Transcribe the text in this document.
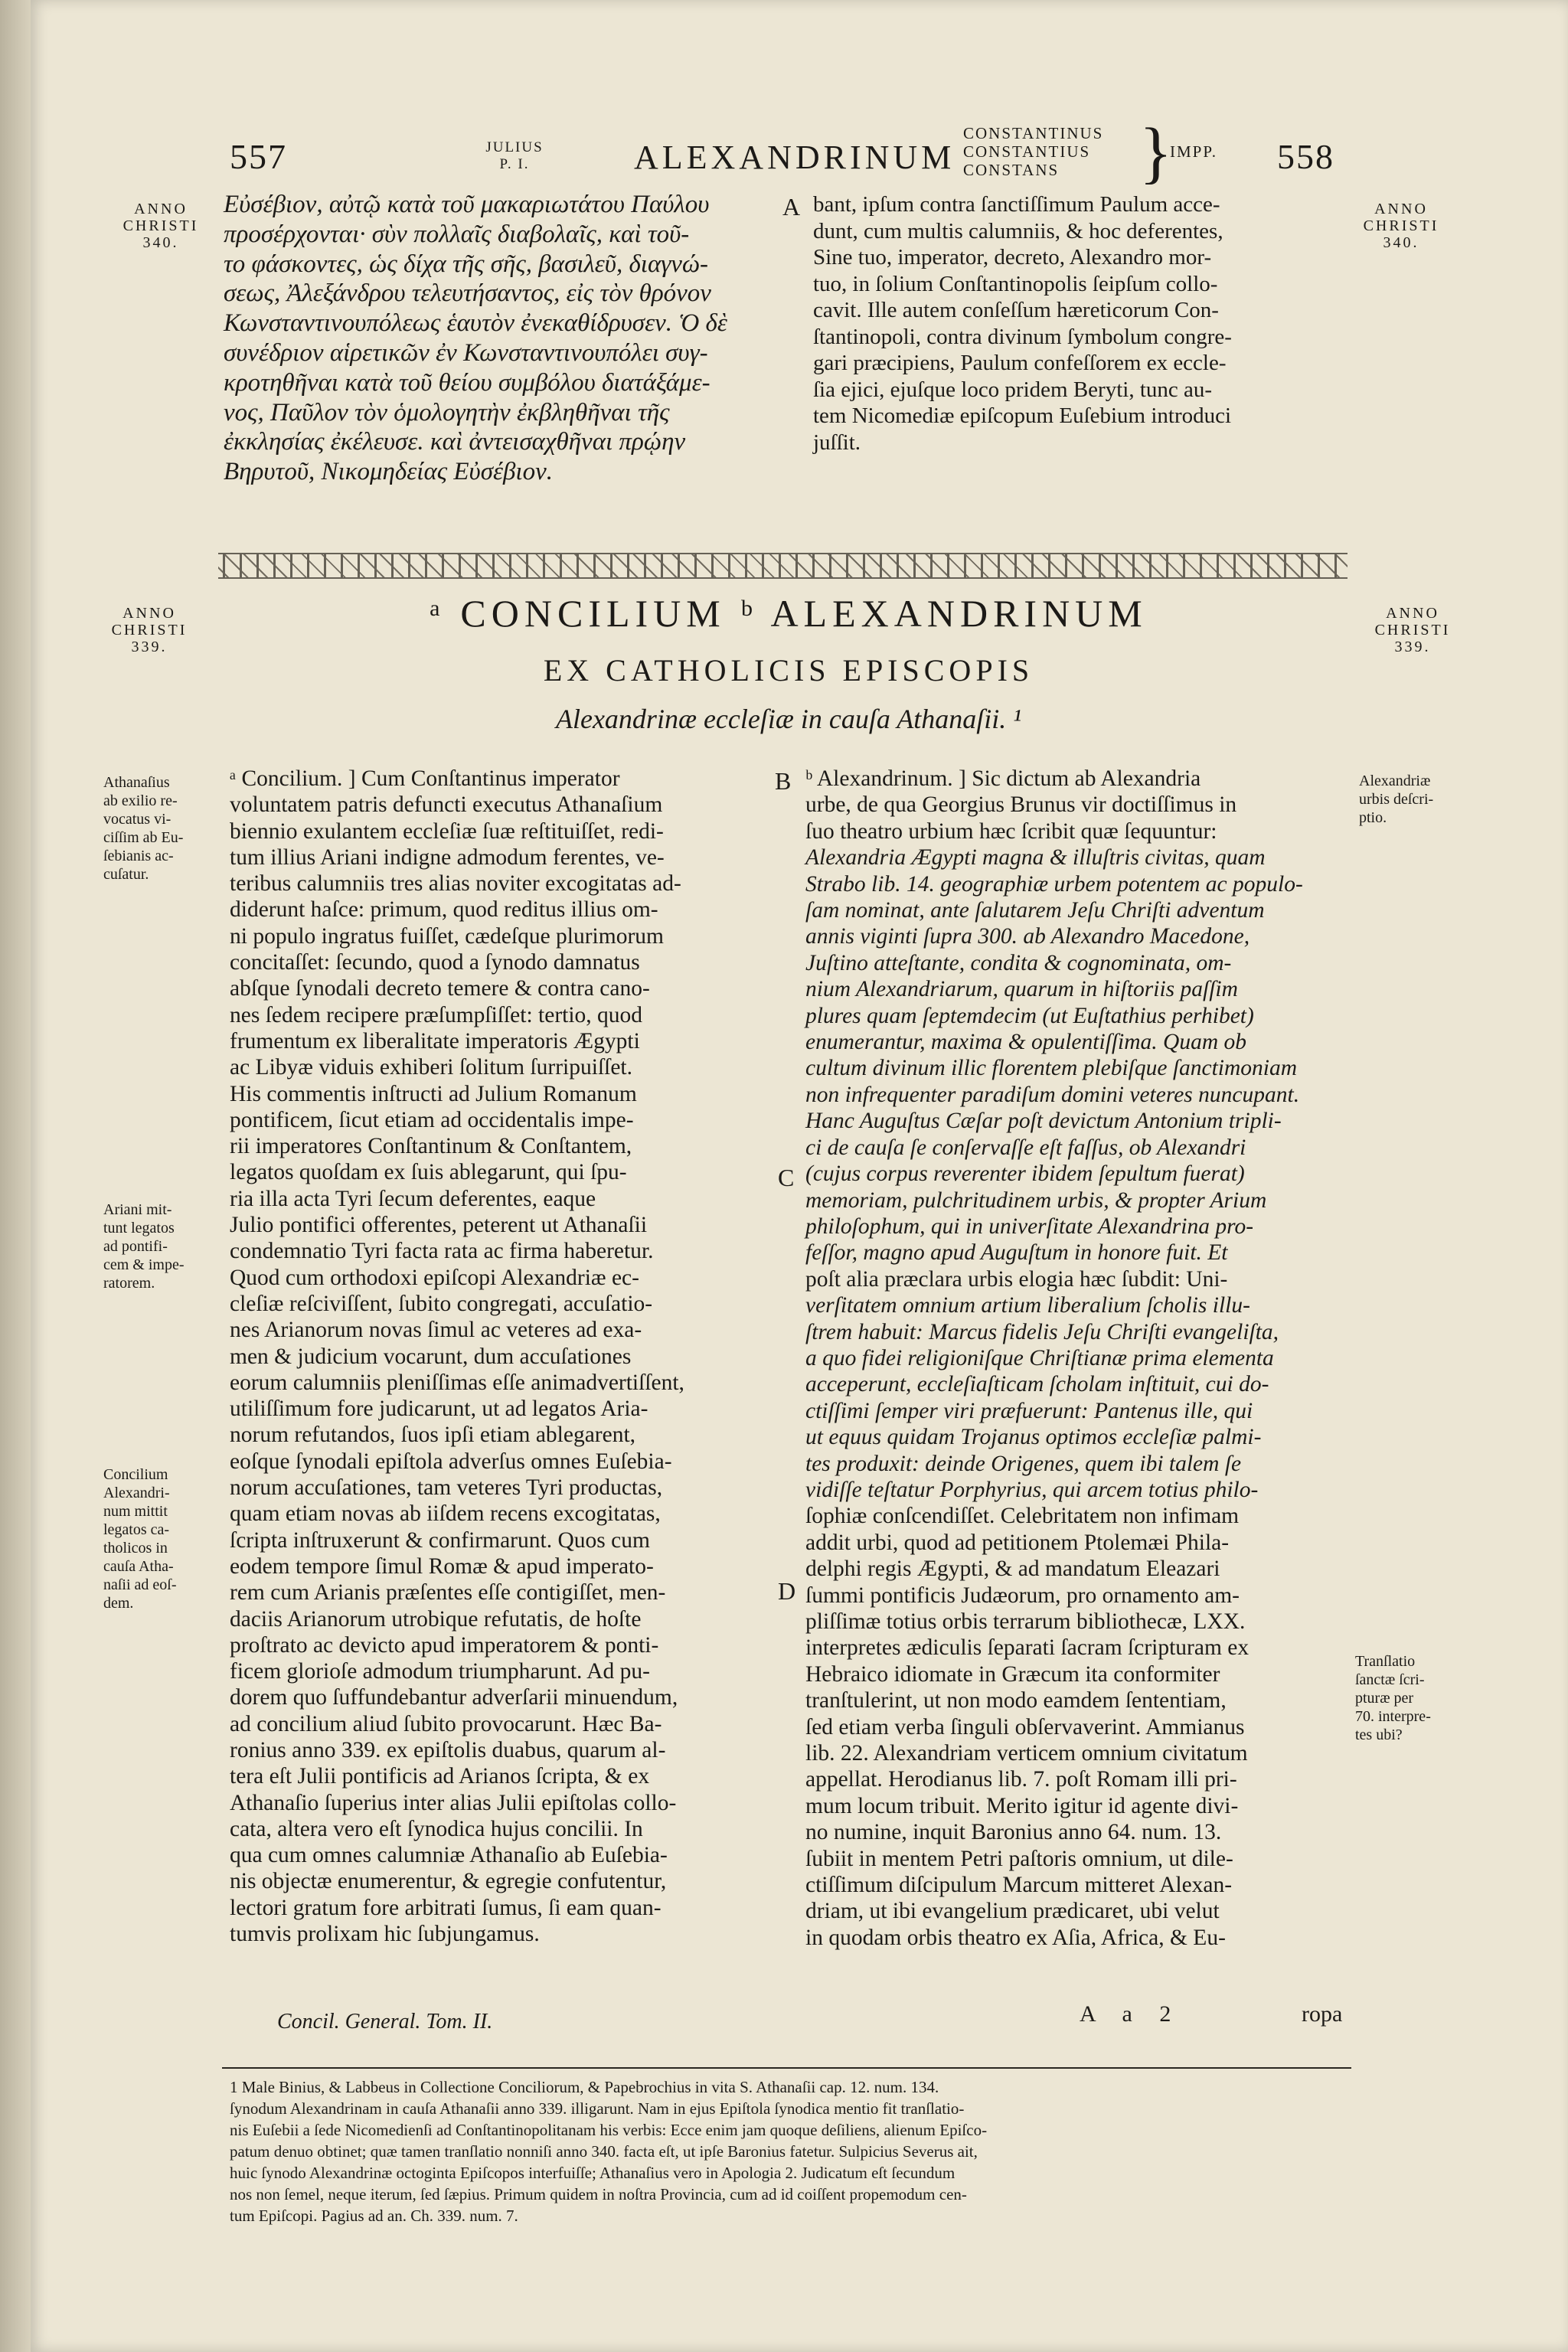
557	JULIUS
P. I.	ALEXANDRINUM
CONSTANTINUS
CONSTANTIUS
CONSTANS	}
IMPP. 558
ANNO
CHRISTI
340.
ANNO
CHRISTI
340.
Εὐσέβιον, αὐτῷ κατὰ τοῦ μακαριωτάτου Παύλου
προσέρχονται· σὺν πολλαῖς διαβολαῖς, καὶ τοῦ-
το φάσκοντες, ὡς δίχα τῆς σῆς, βασιλεῦ, διαγνώ-
σεως, Ἀλεξάνδρου τελευτήσαντος, εἰς τὸν θρόνον
Κωνσταντινουπόλεως ἑαυτὸν ἐνεκαθίδρυσεν. Ὁ δὲ
συνέδριον αἱρετικῶν ἐν Κωνσταντινουπόλει συγ-
κροτηθῆναι κατὰ τοῦ θείου συμβόλου διατάξάμε-
νος, Παῦλον τὸν ὁμολογητὴν ἐκβληθῆναι τῆς
ἐκκλησίας ἐκέλευσε. καὶ ἀντεισαχθῆναι πρῴην
Βηρυτοῦ, Νικομηδείας Εὐσέβιον.
A bant, ipſum contra ſanctiſſimum Paulum acce-
dunt, cum multis calumniis, & hoc deferentes,
Sine tuo, imperator, decreto, Alexandro mor-
tuo, in ſolium Conſtantinopolis ſeipſum collo-
cavit. Ille autem conſeſſum hæreticorum Con-
ſtantinopoli, contra divinum ſymbolum congre-
gari præcipiens, Paulum confeſſorem ex eccle-
ſia ejici, ejuſque loco pridem Beryti, tunc au-
tem Nicomediæ epiſcopum Euſebium introduci
juſſit.
ANNO
CHRISTI
339.
ANNO
CHRISTI
339.
ᵃ CONCILIUM ᵇ ALEXANDRINUM
EX CATHOLICIS EPISCOPIS
Alexandrinæ eccleſiæ in cauſa Athanaſii. ¹
Athanaſius
ab exilio re-
vocatus vi-
ciſſim ab Eu-
ſebianis ac-
cuſatur.
Ariani mit-
tunt legatos
ad pontifi-
cem & impe-
ratorem.
Concilium
Alexandri-
num mittit
legatos ca-
tholicos in
cauſa Atha-
naſii ad eoſ-
dem.
Alexandriæ
urbis deſcri-
ptio.
Tranſlatio
ſanctæ ſcri-
pturæ per
70. interpre-
tes ubi?
B
C
D
ᵃ Concilium. ] Cum Conſtantinus imperator
voluntatem patris defuncti executus Athanaſium
biennio exulantem eccleſiæ ſuæ reſtituiſſet, redi-
tum illius Ariani indigne admodum ferentes, ve-
teribus calumniis tres alias noviter excogitatas ad-
diderunt haſce: primum, quod reditus illius om-
ni populo ingratus fuiſſet, cædeſque plurimorum
concitaſſet: ſecundo, quod a ſynodo damnatus
abſque ſynodali decreto temere & contra cano-
nes ſedem recipere præſumpſiſſet: tertio, quod
frumentum ex liberalitate imperatoris Ægypti
ac Libyæ viduis exhiberi ſolitum ſurripuiſſet.
His commentis inſtructi ad Julium Romanum
pontificem, ſicut etiam ad occidentalis impe-
rii imperatores Conſtantinum & Conſtantem,
legatos quoſdam ex ſuis ablegarunt, qui ſpu-
ria illa acta Tyri ſecum deferentes, eaque
Julio pontifici offerentes, peterent ut Athanaſii
condemnatio Tyri facta rata ac firma haberetur.
Quod cum orthodoxi epiſcopi Alexandriæ ec-
cleſiæ reſciviſſent, ſubito congregati, accuſatio-
nes Arianorum novas ſimul ac veteres ad exa-
men & judicium vocarunt, dum accuſationes
eorum calumniis pleniſſimas eſſe animadvertiſſent,
utiliſſimum fore judicarunt, ut ad legatos Aria-
norum refutandos, ſuos ipſi etiam ablegarent,
eoſque ſynodali epiſtola adverſus omnes Euſebia-
norum accuſationes, tam veteres Tyri productas,
quam etiam novas ab iiſdem recens excogitatas,
ſcripta inſtruxerunt & confirmarunt. Quos cum
eodem tempore ſimul Romæ & apud imperato-
rem cum Arianis præſentes eſſe contigiſſet, men-
daciis Arianorum utrobique refutatis, de hoſte
proſtrato ac devicto apud imperatorem & ponti-
ficem glorioſe admodum triumpharunt. Ad pu-
dorem quo ſuffundebantur adverſarii minuendum,
ad concilium aliud ſubito provocarunt. Hæc Ba-
ronius anno 339. ex epiſtolis duabus, quarum al-
tera eſt Julii pontificis ad Arianos ſcripta, & ex
Athanaſio ſuperius inter alias Julii epiſtolas collo-
cata, altera vero eſt ſynodica hujus concilii. In
qua cum omnes calumniæ Athanaſio ab Euſebia-
nis objectæ enumerentur, & egregie confutentur,
lectori gratum fore arbitrati ſumus, ſi eam quan-
tumvis prolixam hic ſubjungamus.
Concil. General. Tom. II.
ᵇ Alexandrinum. ] Sic dictum ab Alexandria
urbe, de qua Georgius Brunus vir doctiſſimus in
ſuo theatro urbium hæc ſcribit quæ ſequuntur:
Alexandria Ægypti magna & illuſtris civitas, quam
Strabo lib. 14. geographiæ urbem potentem ac populo-
ſam nominat, ante ſalutarem Jeſu Chriſti adventum
annis viginti ſupra 300. ab Alexandro Macedone,
Juſtino atteſtante, condita & cognominata, om-
nium Alexandriarum, quarum in hiſtoriis paſſim
plures quam ſeptemdecim (ut Euſtathius perhibet)
enumerantur, maxima & opulentiſſima. Quam ob
cultum divinum illic florentem plebiſque ſanctimoniam
non infrequenter paradiſum domini veteres nuncupant.
Hanc Auguſtus Cæſar poſt devictum Antonium tripli-
ci de cauſa ſe conſervaſſe eſt faſſus, ob Alexandri
(cujus corpus reverenter ibidem ſepultum fuerat)
memoriam, pulchritudinem urbis, & propter Arium
philoſophum, qui in univerſitate Alexandrina pro-
feſſor, magno apud Auguſtum in honore fuit. Et
poſt alia præclara urbis elogia hæc ſubdit: Uni-
verſitatem omnium artium liberalium ſcholis illu-
ſtrem habuit: Marcus fidelis Jeſu Chriſti evangeliſta,
a quo fidei religioniſque Chriſtianæ prima elementa
acceperunt, eccleſiaſticam ſcholam inſtituit, cui do-
ctiſſimi ſemper viri præfuerunt: Pantenus ille, qui
ut equus quidam Trojanus optimos eccleſiæ palmi-
tes produxit: deinde Origenes, quem ibi talem ſe
vidiſſe teſtatur Porphyrius, qui arcem totius philo-
ſophiæ conſcendiſſet. Celebritatem non infimam
addit urbi, quod ad petitionem Ptolemæi Phila-
delphi regis Ægypti, & ad mandatum Eleazari
ſummi pontificis Judæorum, pro ornamento am-
pliſſimæ totius orbis terrarum bibliothecæ, LXX.
interpretes ædiculis ſeparati ſacram ſcripturam ex
Hebraico idiomate in Græcum ita conformiter
tranſtulerint, ut non modo eamdem ſententiam,
ſed etiam verba ſinguli obſervaverint. Ammianus
lib. 22. Alexandriam verticem omnium civitatum
appellat. Herodianus lib. 7. poſt Romam illi pri-
mum locum tribuit. Merito igitur id agente divi-
no numine, inquit Baronius anno 64. num. 13.
ſubiit in mentem Petri paſtoris omnium, ut dile-
ctiſſimum diſcipulum Marcum mitteret Alexan-
driam, ut ibi evangelium prædicaret, ubi velut
in quodam orbis theatro ex Aſia, Africa, & Eu-
A a 2	ropa
1 Male Binius, & Labbeus in Collectione Conciliorum, & Papebrochius in vita S. Athanaſii cap. 12. num. 134.
ſynodum Alexandrinam in cauſa Athanaſii anno 339. illigarunt. Nam in ejus Epiſtola ſynodica mentio fit tranſlatio-
nis Euſebii a ſede Nicomedienſi ad Conſtantinopolitanam his verbis: Ecce enim jam quoque deſiliens, alienum Epiſco-
patum denuo obtinet; quæ tamen tranſlatio nonniſi anno 340. facta eſt, ut ipſe Baronius fatetur. Sulpicius Severus ait,
huic ſynodo Alexandrinæ octoginta Epiſcopos interfuiſſe; Athanaſius vero in Apologia 2. Judicatum eſt ſecundum
nos non ſemel, neque iterum, ſed ſæpius. Primum quidem in noſtra Provincia, cum ad id coiſſent propemodum cen-
tum Epiſcopi. Pagius ad an. Ch. 339. num. 7.
